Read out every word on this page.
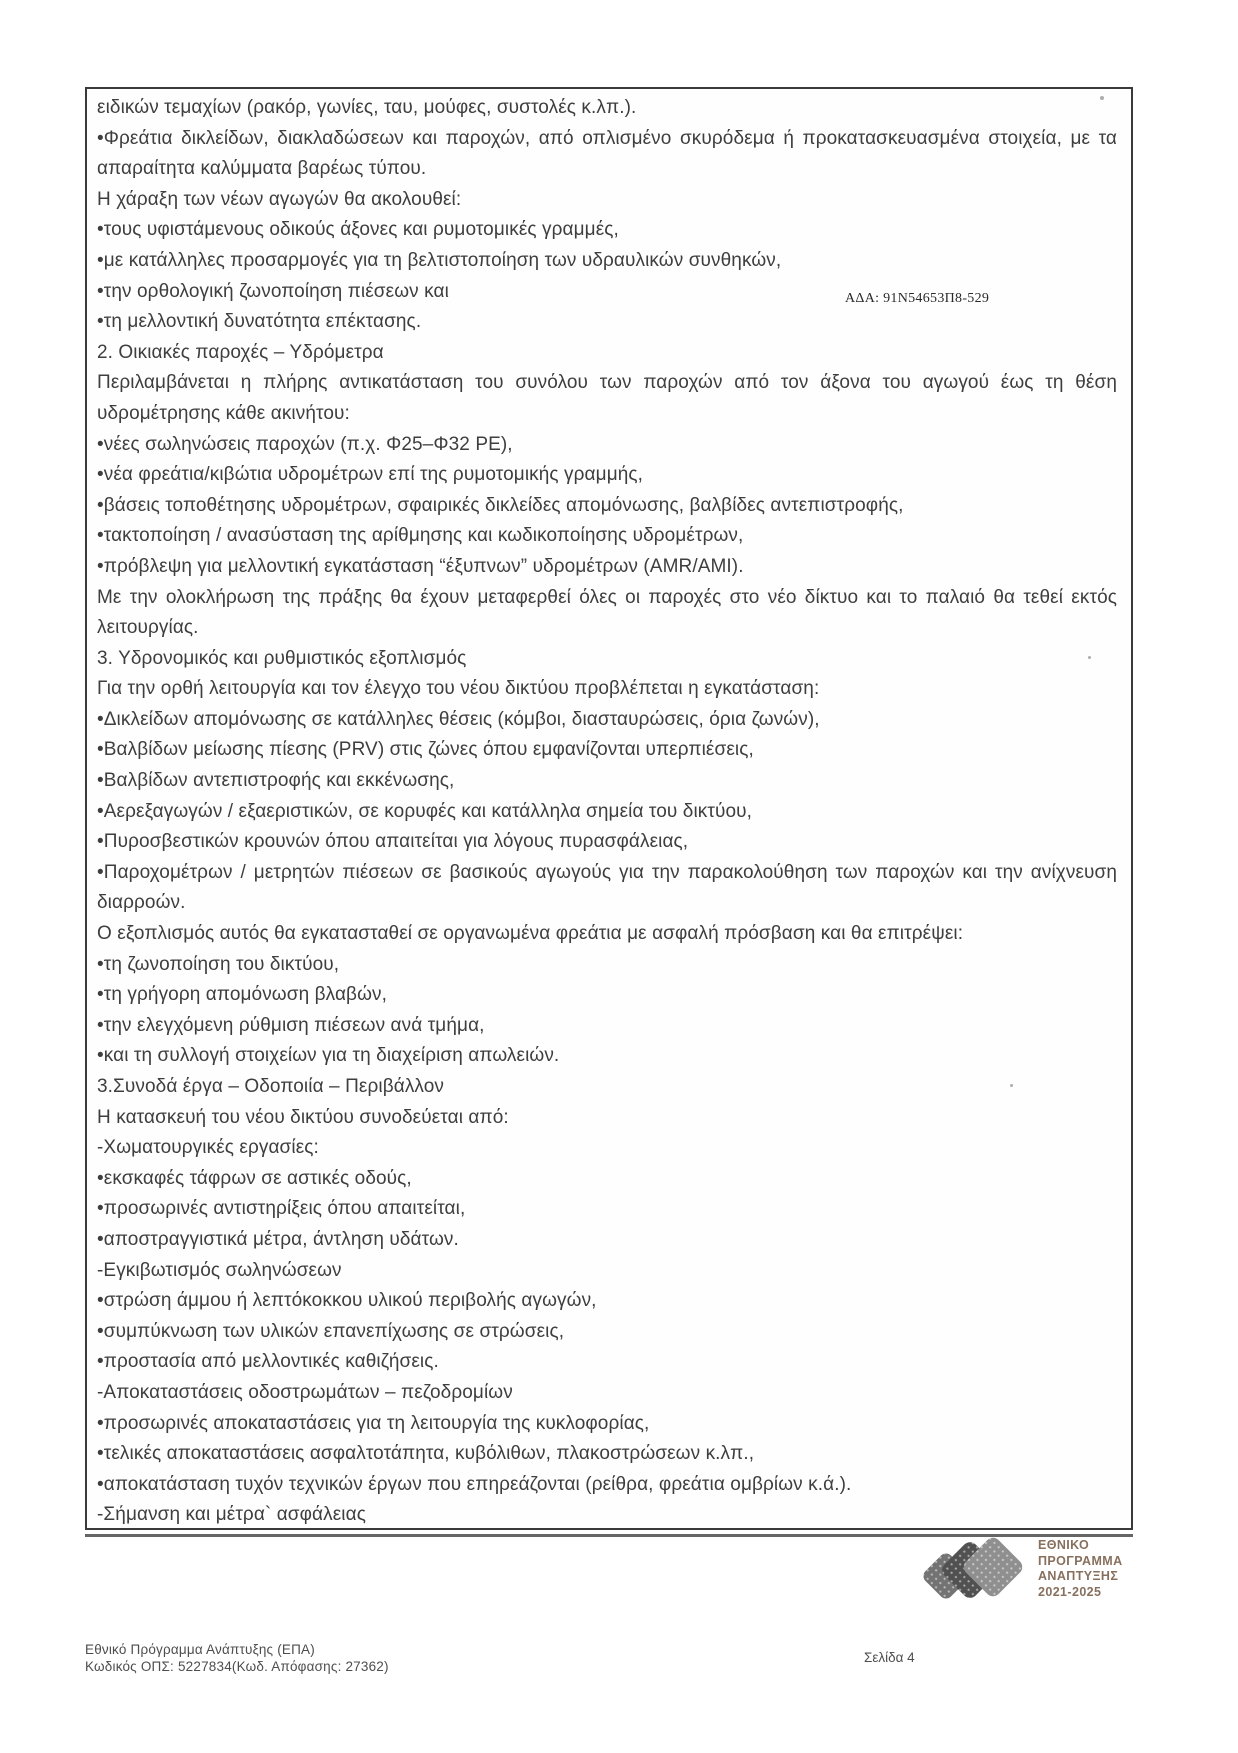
ειδικών τεμαχίων (ρακόρ, γωνίες, ταυ, μούφες, συστολές κ.λπ.).
•Φρεάτια δικλείδων, διακλαδώσεων και παροχών, από οπλισμένο σκυρόδεμα ή προκατασκευασμένα στοιχεία, με τα απαραίτητα καλύμματα βαρέως τύπου.
Η χάραξη των νέων αγωγών θα ακολουθεί:
•τους υφιστάμενους οδικούς άξονες και ρυμοτομικές γραμμές,
•με κατάλληλες προσαρμογές για τη βελτιστοποίηση των υδραυλικών συνθηκών,
•την ορθολογική ζωνοποίηση πιέσεων και
•τη μελλοντική δυνατότητα επέκτασης.
2. Οικιακές παροχές – Υδρόμετρα
Περιλαμβάνεται η πλήρης αντικατάσταση του συνόλου των παροχών από τον άξονα του αγωγού έως τη θέση υδρομέτρησης κάθε ακινήτου:
•νέες σωληνώσεις παροχών (π.χ. Φ25–Φ32 PE),
•νέα φρεάτια/κιβώτια υδρομέτρων επί της ρυμοτομικής γραμμής,
•βάσεις τοποθέτησης υδρομέτρων, σφαιρικές δικλείδες απομόνωσης, βαλβίδες αντεπιστροφής,
•τακτοποίηση / ανασύσταση της αρίθμησης και κωδικοποίησης υδρομέτρων,
•πρόβλεψη για μελλοντική εγκατάσταση “έξυπνων” υδρομέτρων (AMR/AMI).
Με την ολοκλήρωση της πράξης θα έχουν μεταφερθεί όλες οι παροχές στο νέο δίκτυο και το παλαιό θα τεθεί εκτός λειτουργίας.
3. Υδρονομικός και ρυθμιστικός εξοπλισμός
Για την ορθή λειτουργία και τον έλεγχο του νέου δικτύου προβλέπεται η εγκατάσταση:
•Δικλείδων απομόνωσης σε κατάλληλες θέσεις (κόμβοι, διασταυρώσεις, όρια ζωνών),
•Βαλβίδων μείωσης πίεσης (PRV) στις ζώνες όπου εμφανίζονται υπερπιέσεις,
•Βαλβίδων αντεπιστροφής και εκκένωσης,
•Αερεξαγωγών / εξαεριστικών, σε κορυφές και κατάλληλα σημεία του δικτύου,
•Πυροσβεστικών κρουνών όπου απαιτείται για λόγους πυρασφάλειας,
•Παροχομέτρων / μετρητών πιέσεων σε βασικούς αγωγούς για την παρακολούθηση των παροχών και την ανίχνευση διαρροών.
Ο εξοπλισμός αυτός θα εγκατασταθεί σε οργανωμένα φρεάτια με ασφαλή πρόσβαση και θα επιτρέψει:
•τη ζωνοποίηση του δικτύου,
•τη γρήγορη απομόνωση βλαβών,
•την ελεγχόμενη ρύθμιση πιέσεων ανά τμήμα,
•και τη συλλογή στοιχείων για τη διαχείριση απωλειών.
3.Συνοδά έργα – Οδοποιία – Περιβάλλον
Η κατασκευή του νέου δικτύου συνοδεύεται από:
-Χωματουργικές εργασίες:
•εκσκαφές τάφρων σε αστικές οδούς,
•προσωρινές αντιστηρίξεις όπου απαιτείται,
•αποστραγγιστικά μέτρα, άντληση υδάτων.
-Εγκιβωτισμός σωληνώσεων
•στρώση άμμου ή λεπτόκοκκου υλικού περιβολής αγωγών,
•συμπύκνωση των υλικών επανεπίχωσης σε στρώσεις,
•προστασία από μελλοντικές καθιζήσεις.
-Αποκαταστάσεις οδοστρωμάτων – πεζοδρομίων
•προσωρινές αποκαταστάσεις για τη λειτουργία της κυκλοφορίας,
•τελικές αποκαταστάσεις ασφαλτοτάπητα, κυβόλιθων, πλακοστρώσεων κ.λπ.,
•αποκατάσταση τυχόν τεχνικών έργων που επηρεάζονται (ρείθρα, φρεάτια ομβρίων κ.ά.).
-Σήμανση και μέτρα` ασφάλειας
ΑΔΑ: 91Ν54653Π8-529
ΕΘΝΙΚΟ
ΠΡΟΓΡΑΜΜΑ
ΑΝΑΠΤΥΞΗΣ
2021-2025
Εθνικό Πρόγραμμα Ανάπτυξης (ΕΠΑ)
Κωδικός ΟΠΣ: 5227834(Κωδ. Απόφασης: 27362)
Σελίδα 4
